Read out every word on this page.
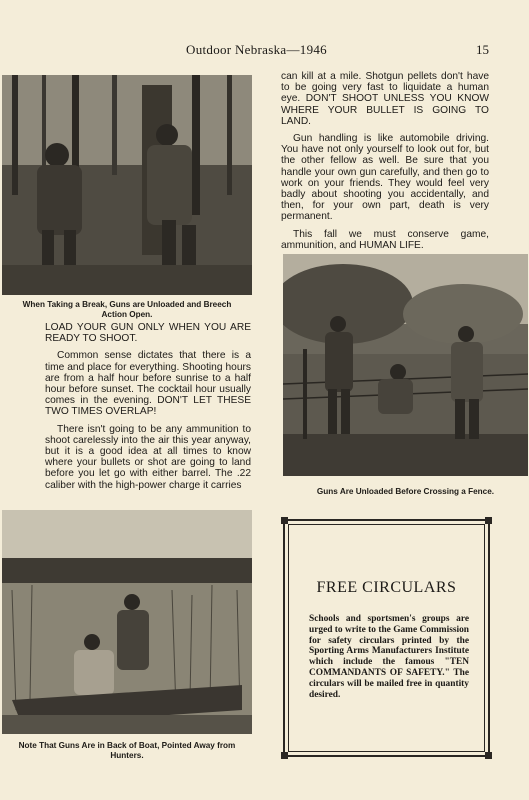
Outdoor Nebraska—1946	15
When Taking a Break, Guns are Unloaded and Breech Action Open.

LOAD YOUR GUN ONLY WHEN YOU ARE READY TO SHOOT.

Common sense dictates that there is a time and place for everything. Shooting hours are from a half hour before sunrise to a half hour before sunset. The cocktail hour usually comes in the evening. DON'T LET THESE TWO TIMES OVERLAP!

There isn't going to be any ammunition to shoot carelessly into the air this year anyway, but it is a good idea at all times to know where your bullets or shot are going to land before you let go with either barrel. The .22 caliber with the high-power charge it carries

can kill at a mile. Shotgun pellets don't have to be going very fast to liquidate a human eye. DON'T SHOOT UNLESS YOU KNOW WHERE YOUR BULLET IS GOING TO LAND.

Gun handling is like automobile driving. You have not only yourself to look out for, but the other fellow as well. Be sure that you handle your own gun carefully, and then go to work on your friends. They would feel very badly about shooting you accidentally, and then, for your own part, death is very permanent.

This fall we must conserve game, ammunition, and HUMAN LIFE.

Guns Are Unloaded Before Crossing a Fence.
Note That Guns Are in Back of Boat, Pointed Away from Hunters.
FREE CIRCULARS
Schools and sportsmen's groups are urged to write to the Game Commission for safety circulars printed by the Sporting Arms Manufacturers Institute which include the famous "TEN COMMANDANTS OF SAFETY." The circulars will be mailed free in quantity desired.
